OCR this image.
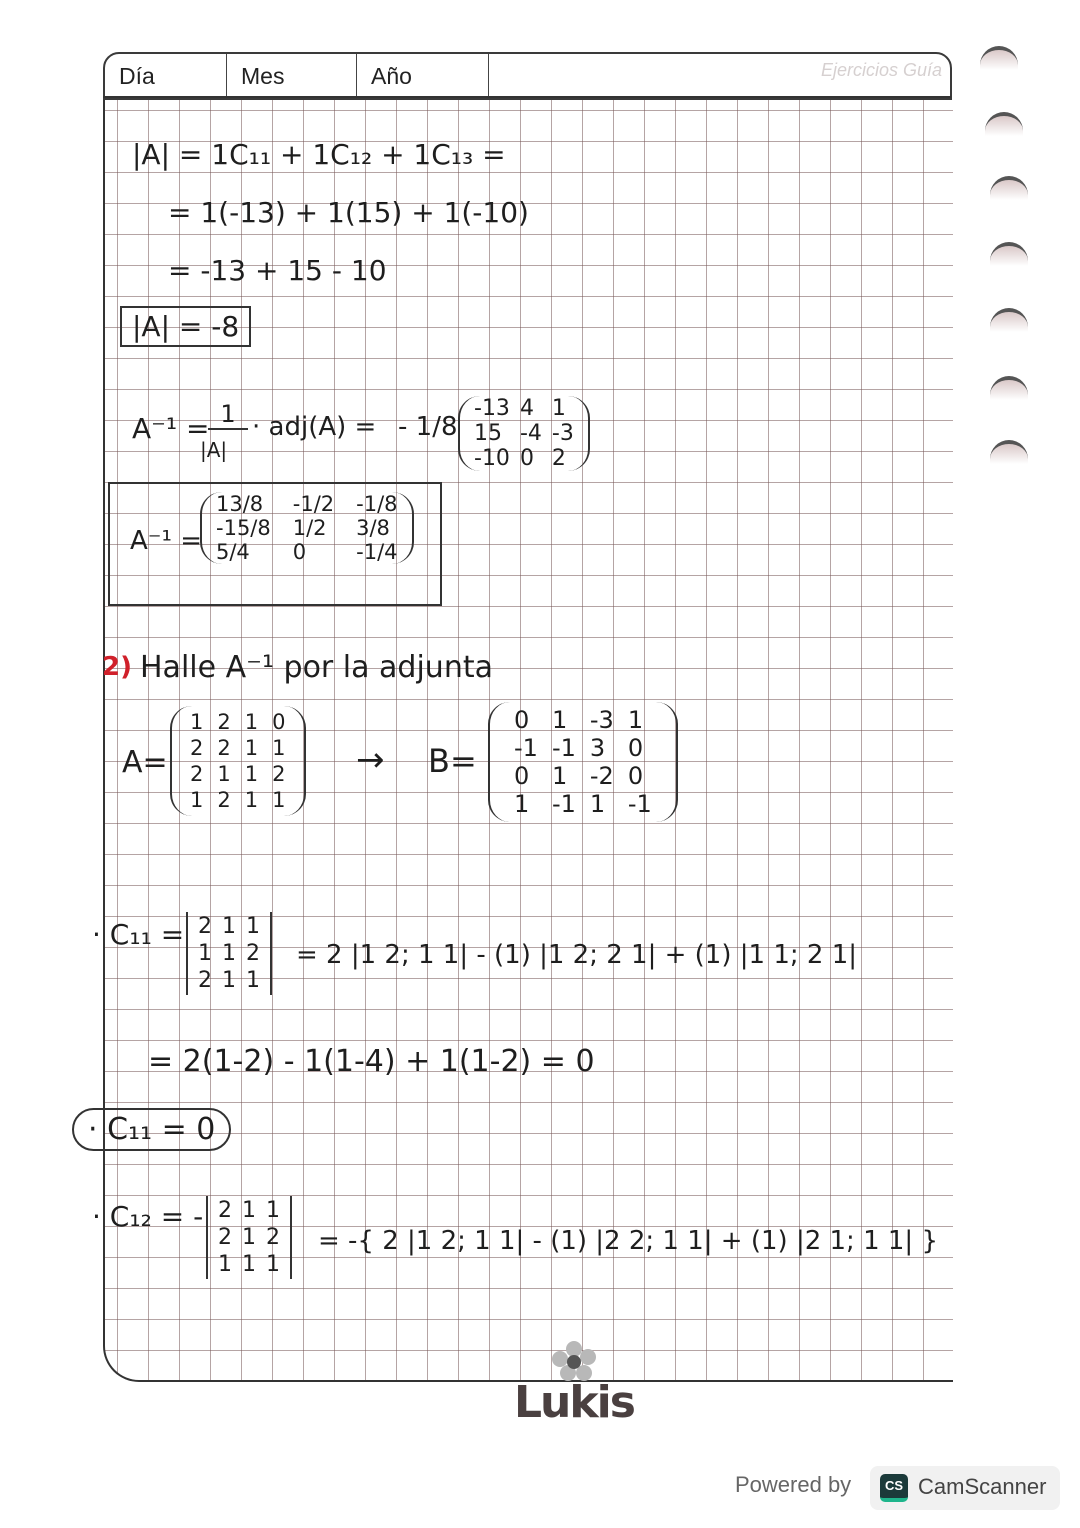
Día	Mes	Año	Ejercicios Guía
|A| = 1C₁₁ + 1C₁₂ + 1C₁₃ =
= 1(-13) + 1(15) + 1(-10)
= -13 + 15 - 10
|A| = -8
A⁻¹ = 1
|A|
· adj(A) = - 1/8
-13 4 1
15 -4 -3
-10 0 2
A⁻¹ =
13/8	-1/2 -1/8
-15/8 1/2	3/8
5/4	0	-1/4
2) Halle A⁻¹ por la adjunta
A=
1 2 1 0
2 2 1 1
2 1 1 2
1 2 1 1
→ B=
0 1 -3 1
-1 -1 3 0
0 1 -2 0
1 -1 1 -1
· C₁₁ = 2 1 1
1 1 2
2 1 1
= 2 |1 2; 1 1| - (1) |1 2; 2 1| + (1) |1 1; 2 1|
= 2(1-2) - 1(1-4) + 1(1-2) = 0
· C₁₁ = 0
· C₁₂ = - 2 1 1
2 1 2
1 1 1
= -{ 2 |1 2; 1 1| - (1) |2 2; 1 1| + (1) |2 1; 1 1| }
Lukis
Powered by	CS CamScanner
